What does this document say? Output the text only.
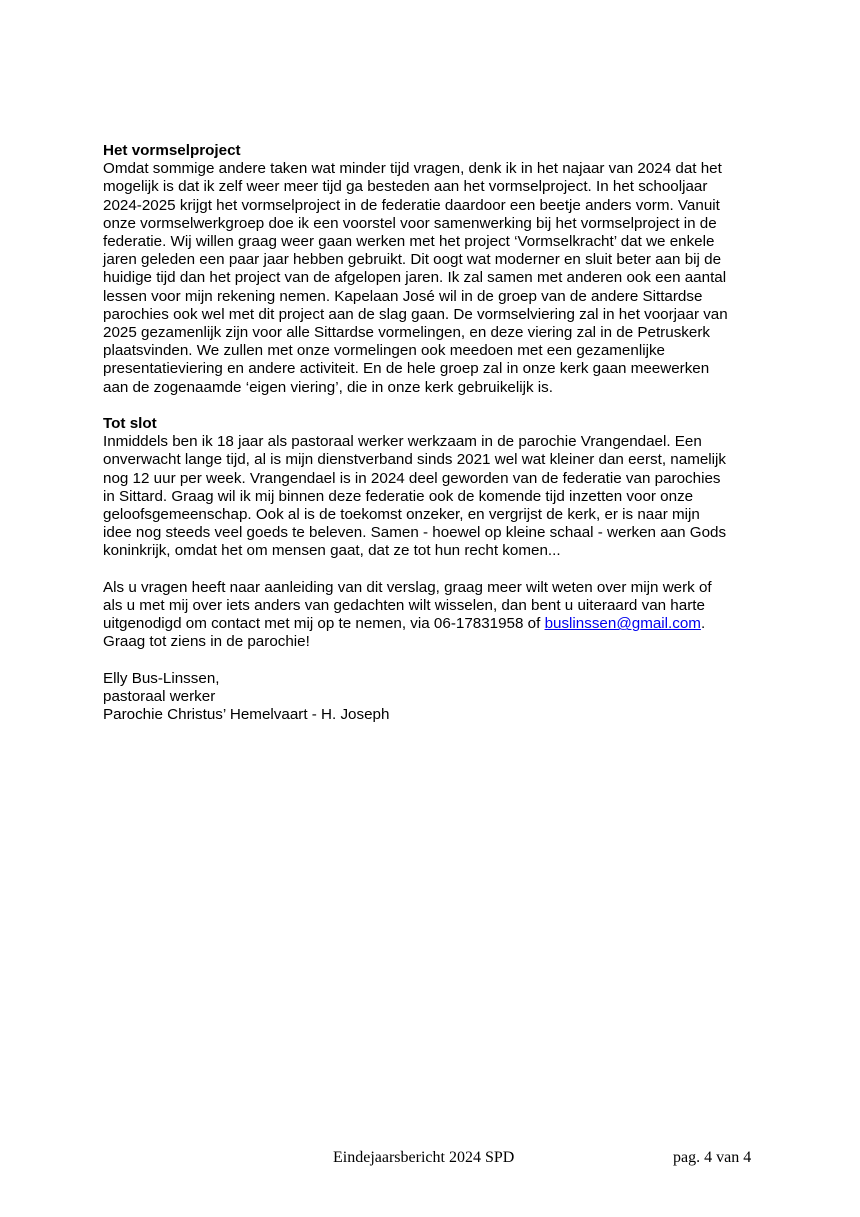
Het vormselproject
Omdat sommige andere taken wat minder tijd vragen, denk ik in het najaar van 2024 dat het
mogelijk is dat ik zelf weer meer tijd ga besteden aan het vormselproject. In het schooljaar
2024-2025 krijgt het vormselproject in de federatie daardoor een beetje anders vorm. Vanuit
onze vormselwerkgroep doe ik een voorstel voor samenwerking bij het vormselproject in de
federatie. Wij willen graag weer gaan werken met het project ‘Vormselkracht’ dat we enkele
jaren geleden een paar jaar hebben gebruikt. Dit oogt wat moderner en sluit beter aan bij de
huidige tijd dan het project van de afgelopen jaren. Ik zal samen met anderen ook een aantal
lessen voor mijn rekening nemen. Kapelaan José wil in de groep van de andere Sittardse
parochies ook wel met dit project aan de slag gaan. De vormselviering zal in het voorjaar van
2025 gezamenlijk zijn voor alle Sittardse vormelingen, en deze viering zal in de Petruskerk
plaatsvinden. We zullen met onze vormelingen ook meedoen met een gezamenlijke
presentatieviering en andere activiteit. En de hele groep zal in onze kerk gaan meewerken
aan de zogenaamde ‘eigen viering’, die in onze kerk gebruikelijk is.
Tot slot
Inmiddels ben ik 18 jaar als pastoraal werker werkzaam in de parochie Vrangendael. Een
onverwacht lange tijd, al is mijn dienstverband sinds 2021 wel wat kleiner dan eerst, namelijk
nog 12 uur per week. Vrangendael is in 2024 deel geworden van de federatie van parochies
in Sittard. Graag wil ik mij binnen deze federatie ook de komende tijd inzetten voor onze
geloofsgemeenschap. Ook al is de toekomst onzeker, en vergrijst de kerk, er is naar mijn
idee nog steeds veel goeds te beleven. Samen - hoewel op kleine schaal - werken aan Gods
koninkrijk, omdat het om mensen gaat, dat ze tot hun recht komen...
Als u vragen heeft naar aanleiding van dit verslag, graag meer wilt weten over mijn werk of
als u met mij over iets anders van gedachten wilt wisselen, dan bent u uiteraard van harte
uitgenodigd om contact met mij op te nemen, via 06-17831958 of buslinssen@gmail.com.
Graag tot ziens in de parochie!
Elly Bus-Linssen,
pastoraal werker
Parochie Christus’ Hemelvaart - H. Joseph
Eindejaarsbericht 2024 SPD	pag. 4 van 4
